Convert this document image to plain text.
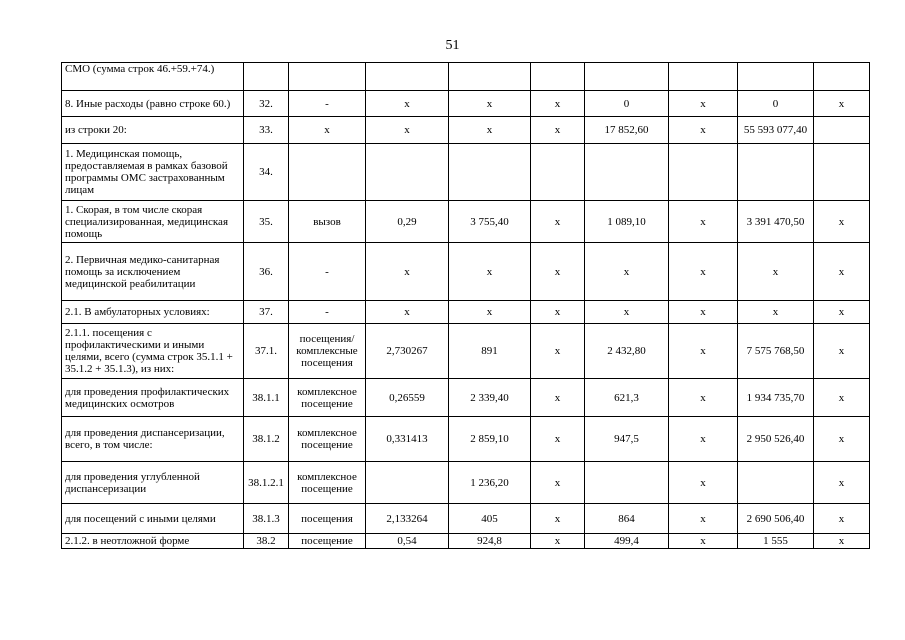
51
СМО (сумма строк 46.+59.+74.)									
8. Иные расходы (равно строке 60.)	32.	-	x	x	x	0	x	0	x
из строки 20:	33.	x	x	x	x	17 852,60	x	55 593 077,40	
1. Медицинская помощь, предоставляемая в рамках базовой программы ОМС застрахованным лицам	34.								
1. Скорая, в том числе скорая специализированная, медицинская помощь	35.	вызов	0,29	3 755,40	x	1 089,10	x	3 391 470,50	x
2. Первичная медико-санитарная помощь за исключением медицинской реабилитации	36.	-	x	x	x	x	x	x	x
2.1. В амбулаторных условиях:	37.	-	x	x	x	x	x	x	x
2.1.1. посещения с профилактическими и иными целями, всего (сумма строк 35.1.1 + 35.1.2 + 35.1.3), из них:	37.1.	посещения/комплексные посещения	2,730267	891	x	2 432,80	x	7 575 768,50	x
для проведения профилактических медицинских осмотров	38.1.1	комплексное посещение	0,26559	2 339,40	x	621,3	x	1 934 735,70	x
для проведения диспансеризации, всего, в том числе:	38.1.2	комплексное посещение	0,331413	2 859,10	x	947,5	x	2 950 526,40	x
для проведения углубленной диспансеризации	38.1.2.1	комплексное посещение		1 236,20	x		x		x
для посещений с иными целями	38.1.3	посещения	2,133264	405	x	864	x	2 690 506,40	x
2.1.2. в неотложной форме	38.2	посещение	0,54	924,8	x	499,4	x	1 555	x
